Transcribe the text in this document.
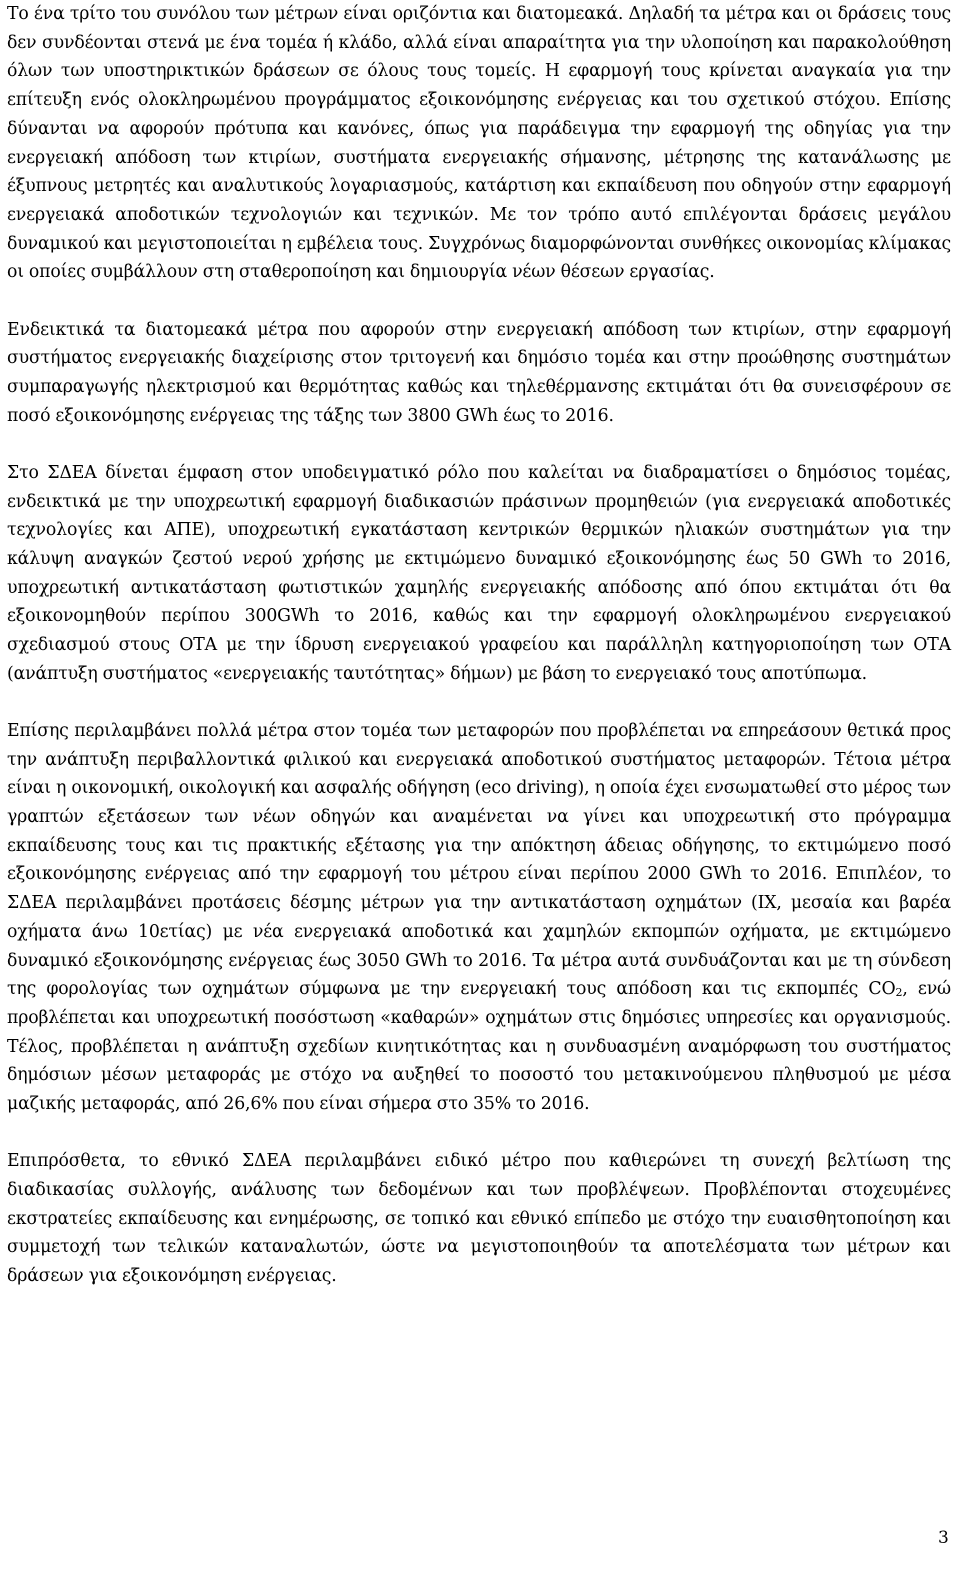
Το ένα τρίτο του συνόλου των μέτρων είναι οριζόντια και διατομεακά. Δηλαδή τα μέτρα και οι δράσεις τους δεν συνδέονται στενά με ένα τομέα ή κλάδο, αλλά είναι απαραίτητα για την υλοποίηση και παρακολούθηση όλων των υποστηρικτικών δράσεων σε όλους τους τομείς. Η εφαρμογή τους κρίνεται αναγκαία για την επίτευξη ενός ολοκληρωμένου προγράμματος εξοικονόμησης ενέργειας και του σχετικού στόχου. Επίσης δύνανται να αφορούν πρότυπα και κανόνες, όπως για παράδειγμα την εφαρμογή της οδηγίας για την ενεργειακή απόδοση των κτιρίων, συστήματα ενεργειακής σήμανσης, μέτρησης της κατανάλωσης με έξυπνους μετρητές και αναλυτικούς λογαριασμούς, κατάρτιση και εκπαίδευση που οδηγούν στην εφαρμογή ενεργειακά αποδοτικών τεχνολογιών και τεχνικών. Με τον τρόπο αυτό επιλέγονται δράσεις μεγάλου δυναμικού και μεγιστοποιείται η εμβέλεια τους. Συγχρόνως διαμορφώνονται συνθήκες οικονομίας κλίμακας οι οποίες συμβάλλουν στη σταθεροποίηση και δημιουργία νέων θέσεων εργασίας.

Ενδεικτικά τα διατομεακά μέτρα που αφορούν στην ενεργειακή απόδοση των κτιρίων, στην εφαρμογή συστήματος ενεργειακής διαχείρισης στον τριτογενή και δημόσιο τομέα και στην προώθησης συστημάτων συμπαραγωγής ηλεκτρισμού και θερμότητας καθώς και τηλεθέρμανσης εκτιμάται ότι θα συνεισφέρουν σε ποσό εξοικονόμησης ενέργειας της τάξης των 3800 GWh έως το 2016.

Στο ΣΔΕΑ δίνεται έμφαση στον υποδειγματικό ρόλο που καλείται να διαδραματίσει ο δημόσιος τομέας, ενδεικτικά με την υποχρεωτική εφαρμογή διαδικασιών πράσινων προμηθειών (για ενεργειακά αποδοτικές τεχνολογίες και ΑΠΕ), υποχρεωτική εγκατάσταση κεντρικών θερμικών ηλιακών συστημάτων για την κάλυψη αναγκών ζεστού νερού χρήσης με εκτιμώμενο δυναμικό εξοικονόμησης έως 50 GWh το 2016, υποχρεωτική αντικατάσταση φωτιστικών χαμηλής ενεργειακής απόδοσης από όπου εκτιμάται ότι θα εξοικονομηθούν περίπου 300GWh το 2016, καθώς και την εφαρμογή ολοκληρωμένου ενεργειακού σχεδιασμού στους ΟΤΑ με την ίδρυση ενεργειακού γραφείου και παράλληλη κατηγοριοποίηση των ΟΤΑ (ανάπτυξη συστήματος «ενεργειακής ταυτότητας» δήμων) με βάση το ενεργειακό τους αποτύπωμα.

Επίσης περιλαμβάνει πολλά μέτρα στον τομέα των μεταφορών που προβλέπεται να επηρεάσουν θετικά προς την ανάπτυξη περιβαλλοντικά φιλικού και ενεργειακά αποδοτικού συστήματος μεταφορών. Τέτοια μέτρα είναι η οικονομική, οικολογική και ασφαλής οδήγηση (eco driving), η οποία έχει ενσωματωθεί στο μέρος των γραπτών εξετάσεων των νέων οδηγών και αναμένεται να γίνει και υποχρεωτική στο πρόγραμμα εκπαίδευσης τους και τις πρακτικής εξέτασης για την απόκτηση άδειας οδήγησης, το εκτιμώμενο ποσό εξοικονόμησης ενέργειας από την εφαρμογή του μέτρου είναι περίπου 2000 GWh το 2016. Επιπλέον, το ΣΔΕΑ περιλαμβάνει προτάσεις δέσμης μέτρων για την αντικατάσταση οχημάτων (ΙΧ, μεσαία και βαρέα οχήματα άνω 10ετίας) με νέα ενεργειακά αποδοτικά και χαμηλών εκπομπών οχήματα, με εκτιμώμενο δυναμικό εξοικονόμησης ενέργειας έως 3050 GWh το 2016. Τα μέτρα αυτά συνδυάζονται και με τη σύνδεση της φορολογίας των οχημάτων σύμφωνα με την ενεργειακή τους απόδοση και τις εκπομπές $CO_2$, ενώ προβλέπεται και υποχρεωτική ποσόστωση «καθαρών» οχημάτων στις δημόσιες υπηρεσίες και οργανισμούς. Τέλος, προβλέπεται η ανάπτυξη σχεδίων κινητικότητας και η συνδυασμένη αναμόρφωση του συστήματος δημόσιων μέσων μεταφοράς με στόχο να αυξηθεί το ποσοστό του μετακινούμενου πληθυσμού με μέσα μαζικής μεταφοράς, από 26,6% που είναι σήμερα στο 35% το 2016.

Επιπρόσθετα, το εθνικό ΣΔΕΑ περιλαμβάνει ειδικό μέτρο που καθιερώνει τη συνεχή βελτίωση της διαδικασίας συλλογής, ανάλυσης των δεδομένων και των προβλέψεων. Προβλέπονται στοχευμένες εκστρατείες εκπαίδευσης και ενημέρωσης, σε τοπικό και εθνικό επίπεδο με στόχο την ευαισθητοποίηση και συμμετοχή των τελικών καταναλωτών, ώστε να μεγιστοποιηθούν τα αποτελέσματα των μέτρων και δράσεων για εξοικονόμηση ενέργειας.

3
